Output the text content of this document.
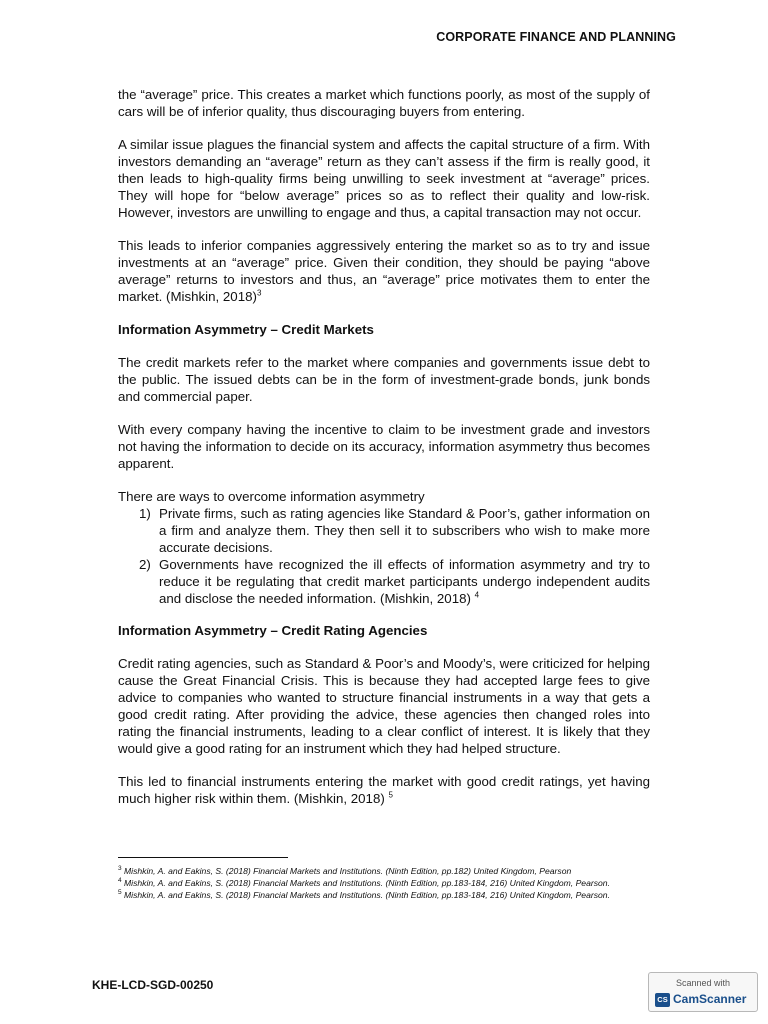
CORPORATE FINANCE AND PLANNING

the “average” price. This creates a market which functions poorly, as most of the supply of cars will be of inferior quality, thus discouraging buyers from entering.

A similar issue plagues the financial system and affects the capital structure of a firm. With investors demanding an “average” return as they can’t assess if the firm is really good, it then leads to high-quality firms being unwilling to seek investment at “average” prices. They will hope for “below average” prices so as to reflect their quality and low-risk. However, investors are unwilling to engage and thus, a capital transaction may not occur.

This leads to inferior companies aggressively entering the market so as to try and issue investments at an “average” price. Given their condition, they should be paying “above average” returns to investors and thus, an “average” price motivates them to enter the market. (Mishkin, 2018)$^3$

Information Asymmetry – Credit Markets

The credit markets refer to the market where companies and governments issue debt to the public. The issued debts can be in the form of investment-grade bonds, junk bonds and commercial paper.

With every company having the incentive to claim to be investment grade and investors not having the information to decide on its accuracy, information asymmetry thus becomes apparent.

There are ways to overcome information asymmetry

1) Private firms, such as rating agencies like Standard & Poor’s, gather information on a firm and analyze them. They then sell it to subscribers who wish to make more accurate decisions.
2) Governments have recognized the ill effects of information asymmetry and try to reduce it be regulating that credit market participants undergo independent audits and disclose the needed information. (Mishkin, 2018) $^4$

Information Asymmetry – Credit Rating Agencies

Credit rating agencies, such as Standard & Poor’s and Moody’s, were criticized for helping cause the Great Financial Crisis. This is because they had accepted large fees to give advice to companies who wanted to structure financial instruments in a way that gets a good credit rating. After providing the advice, these agencies then changed roles into rating the financial instruments, leading to a clear conflict of interest. It is likely that they would give a good rating for an instrument which they had helped structure.

This led to financial instruments entering the market with good credit ratings, yet having much higher risk within them. (Mishkin, 2018) $^5$

$^3$ Mishkin, A. and Eakins, S. (2018) Financial Markets and Institutions. (Ninth Edition, pp.182) United Kingdom, Pearson
$^4$ Mishkin, A. and Eakins, S. (2018) Financial Markets and Institutions. (Ninth Edition, pp.183-184, 216) United Kingdom, Pearson.
$^5$ Mishkin, A. and Eakins, S. (2018) Financial Markets and Institutions. (Ninth Edition, pp.183-184, 216) United Kingdom, Pearson.
KHE-LCD-SGD-00250	Scanned with
CS CamScanner
